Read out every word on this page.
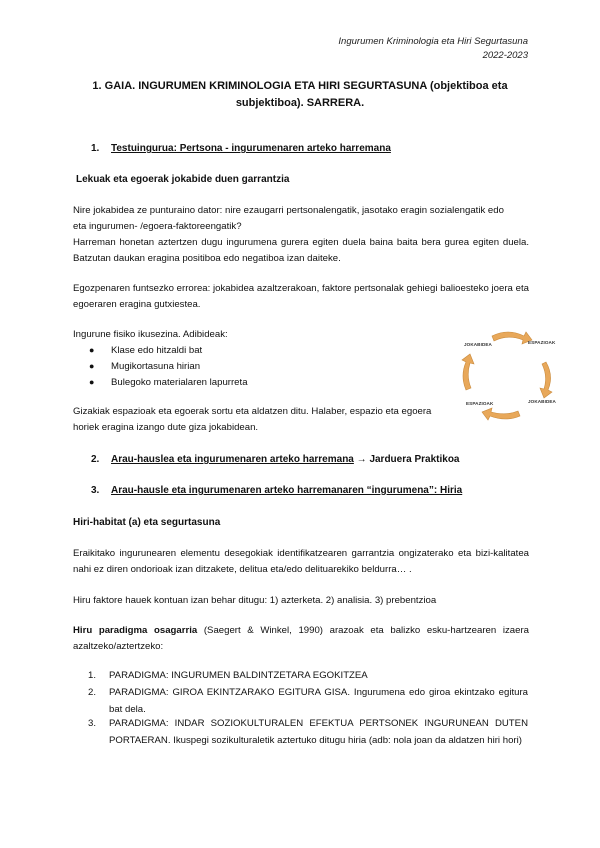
Ingurumen Kriminologia eta Hiri Segurtasuna
2022-2023
1. GAIA. INGURUMEN KRIMINOLOGIA ETA HIRI SEGURTASUNA (objektiboa eta
subjektiboa). SARRERA.
1. Testuingurua: Pertsona - ingurumenaren arteko harremana
Lekuak eta egoerak jokabide duen garrantzia
Nire jokabidea ze punturaino dator: nire ezaugarri pertsonalengatik, jasotako eragin sozialengatik edo
eta ingurumen- /egoera-faktoreengatik?
Harreman honetan aztertzen dugu ingurumena gurera egiten duela baina baita bera gurea egiten duela. Batzutan daukan eragina positiboa edo negatiboa izan daiteke.
Egozpenaren funtsezko errorea: jokabidea azaltzerakoan, faktore pertsonalak gehiegi balioesteko joera eta egoeraren eragina gutxiestea.
Ingurune fisiko ikusezina. Adibideak:
● Klase edo hitzaldi bat
● Mugikortasuna hirian
● Bulegoko materialaren lapurreta
Gizakiak espazioak eta egoerak sortu eta aldatzen ditu. Halaber, espazio eta egoera
horiek eragina izango dute giza jokabidean.
JOKABIDEA	ESPAZIOAK
ESPAZIOAK	JOKABIDEA
2. Arau-hauslea eta ingurumenaren arteko harremana → Jarduera Praktikoa
3. Arau-hausle eta ingurumenaren arteko harremanaren “ingurumena”: Hiria
Hiri-habitat (a) eta segurtasuna
Eraikitako ingurunearen elementu desegokiak identifikatzearen garrantzia ongizaterako eta bizi-kalitatea nahi ez diren ondorioak izan ditzakete, delitua eta/edo delituarekiko beldurra… .
Hiru faktore hauek kontuan izan behar ditugu: 1) azterketa. 2) analisia. 3) prebentzioa
Hiru paradigma osagarria (Saegert & Winkel, 1990) arazoak eta balizko esku-hartzearen izaera azaltzeko/aztertzeko:
1. PARADIGMA: INGURUMEN BALDINTZETARA EGOKITZEA
2. PARADIGMA: GIROA EKINTZARAKO EGITURA GISA. Ingurumena edo giroa ekintzako egitura bat dela.
3. PARADIGMA: INDAR SOZIOKULTURALEN EFEKTUA PERTSONEK INGURUNEAN DUTEN PORTAERAN. Ikuspegi sozikulturaletik aztertuko ditugu hiria (adb: nola joan da aldatzen hiri hori)
